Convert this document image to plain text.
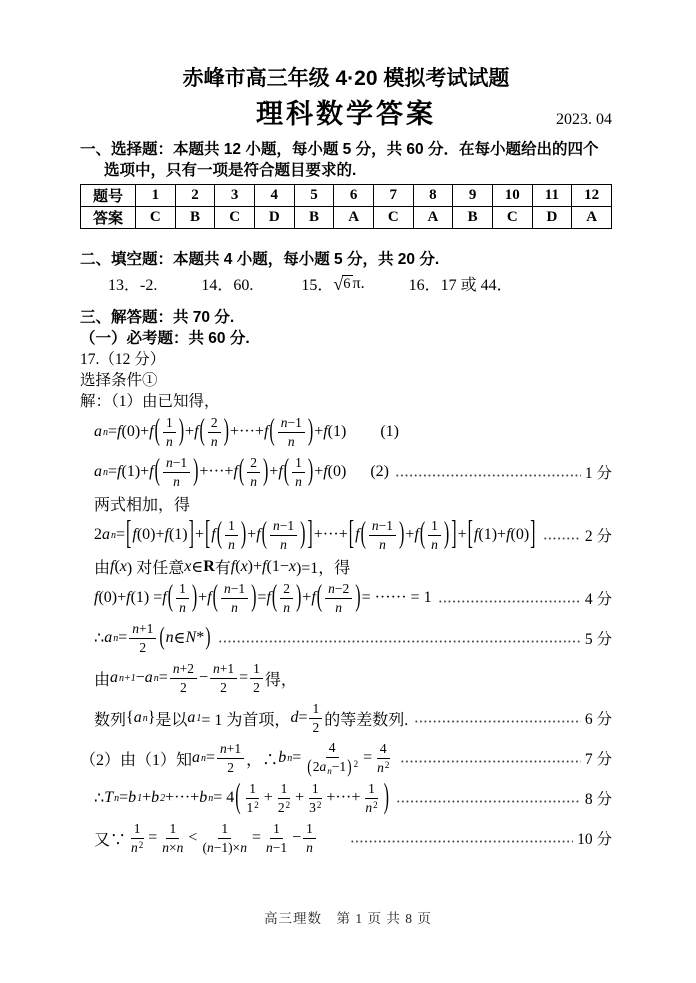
赤峰市高三年级 4·20 模拟考试试题
理科数学答案	2023. 04
一、选择题：本题共 12 小题，每小题 5 分，共 60 分．在每小题给出的四个选项中，只有一项是符合题目要求的.
题号	1	2	3	4	5	6	7	8	9	10	11	12
答案	C	B	C	D	B	A	C	A	B	C	D	A
二、填空题：本题共 4 小题，每小题 5 分，共 20 分.
13．-2.	14．60.	15． √ 6 π.	16．17 或 44．
三、解答题：共 70 分.
（一）必考题：共 60 分.
17.（12 分）
选择条件①
解：（1）由已知得，
a n = f (0)+ f ( $\frac{1}{n}$ ) + f ( $\frac{2}{n}$ ) +···+ f ( $\frac{n-1}{n}$ ) + f (1) (1)
a n = f (1)+ f ( $\frac{n-1}{n}$ ) +···+ f ( $\frac{2}{n}$ ) + f ( $\frac{1}{n}$ ) + f (0) (2)	1 分
两式相加，得
2 a n = [ f (0)+ f (1) ] + [ f ( $\frac{1}{n}$ ) + f ( $\frac{n-1}{n}$ ) ] +···+ [ f ( $\frac{n-1}{n}$ ) + f ( $\frac{1}{n}$ ) ] + [ f (1)+ f (0) ]	2 分
由 f ( x ) 对任意 x ∈ R 有 f ( x )+ f (1− x )=1，得
f (0)+ f (1) = f ( $\frac{1}{n}$ ) + f ( $\frac{n-1}{n}$ ) = f ( $\frac{2}{n}$ ) + f ( $\frac{n-2}{n}$ ) = ······ = 1	4 分
∴ a $n = \frac{n+1}{2}$ ( n ∈ N * )	5 分
由 a n+1 − a $n = \frac{n+2}{2} - \frac{n+1}{2} = \frac{1}{2}$ 得，
数列 { a n } 是以 a 1 = 1 为首项， $d = \frac{1}{2}$ 的等差数列.	6 分
（2）由（1）知 a $n = \frac{n+1}{2}$ ，∴ b $n = \frac{4}{(2a_n-1) ^2} = \frac{4}{n^2}$	7 分
∴ T n = b 1 + b 2 +···+ b n = 4 ( $\frac{1}{1^2} + \frac{1}{2^2} + \frac{1}{3^2}$ +···+ $\frac{1}{n^2}$ )	8 分
又∵ $\frac{1}{n^2} = \frac{1}{n\times n} < \frac{1}{(n-1)\times n} = \frac{1}{n-1} - \frac{1}{n}$	10 分
高三理数　第 1 页 共 8 页
